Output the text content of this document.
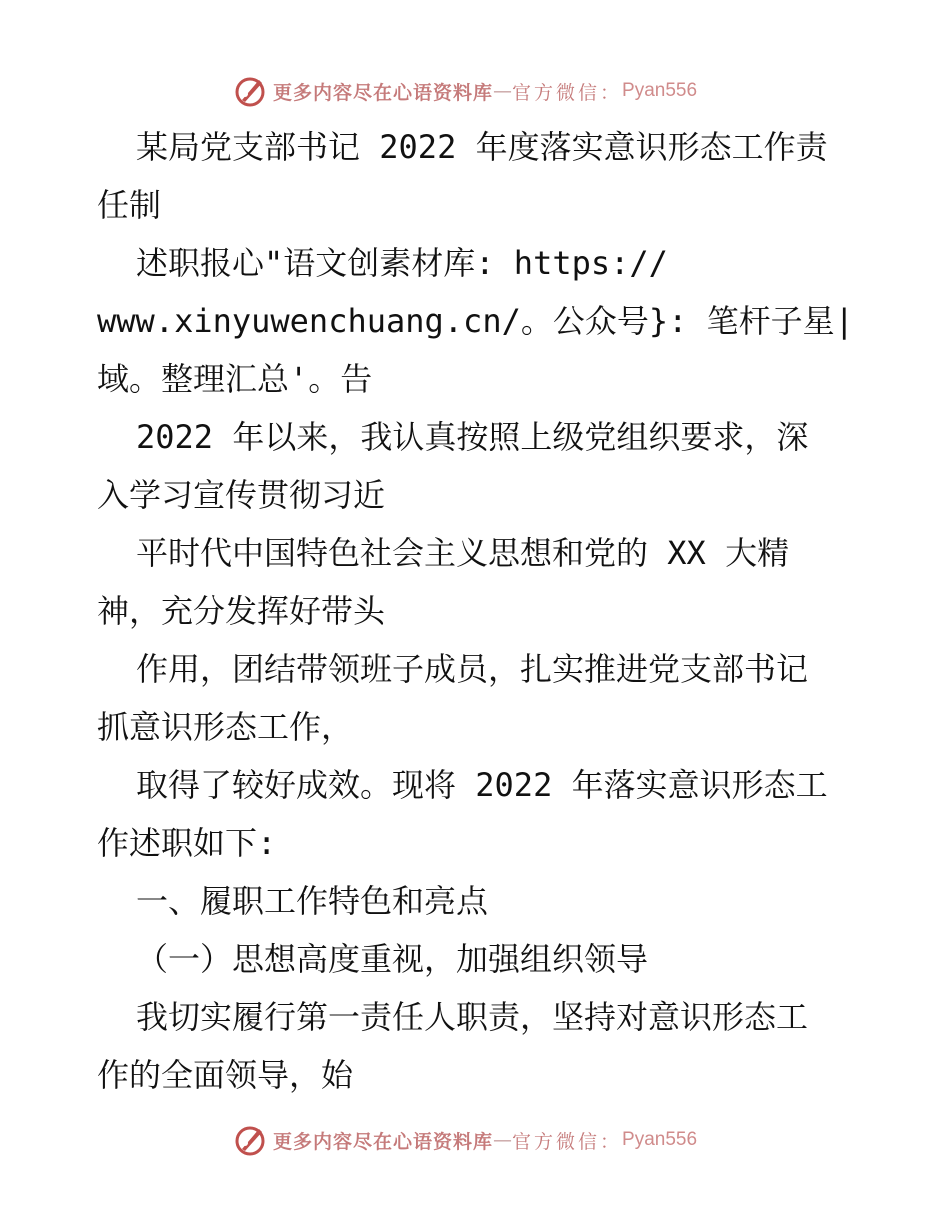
更多内容尽在心语资料库 — 官方微信： Pyan556
某局党支部书记 2022 年度落实意识形态工作责
任制
述职报心"语文创素材库: https://
www.xinyuwenchuang.cn/。公众号}: 笔杆子星|
域。整理汇总'。告
2022 年以来，我认真按照上级党组织要求，深
入学习宣传贯彻习近
平时代中国特色社会主义思想和党的 XX 大精
神，充分发挥好带头
作用，团结带领班子成员，扎实推进党支部书记
抓意识形态工作，
取得了较好成效。现将 2022 年落实意识形态工
作述职如下:
一、履职工作特色和亮点
（一）思想高度重视，加强组织领导
我切实履行第一责任人职责，坚持对意识形态工
作的全面领导，始
更多内容尽在心语资料库 — 官方微信： Pyan556
